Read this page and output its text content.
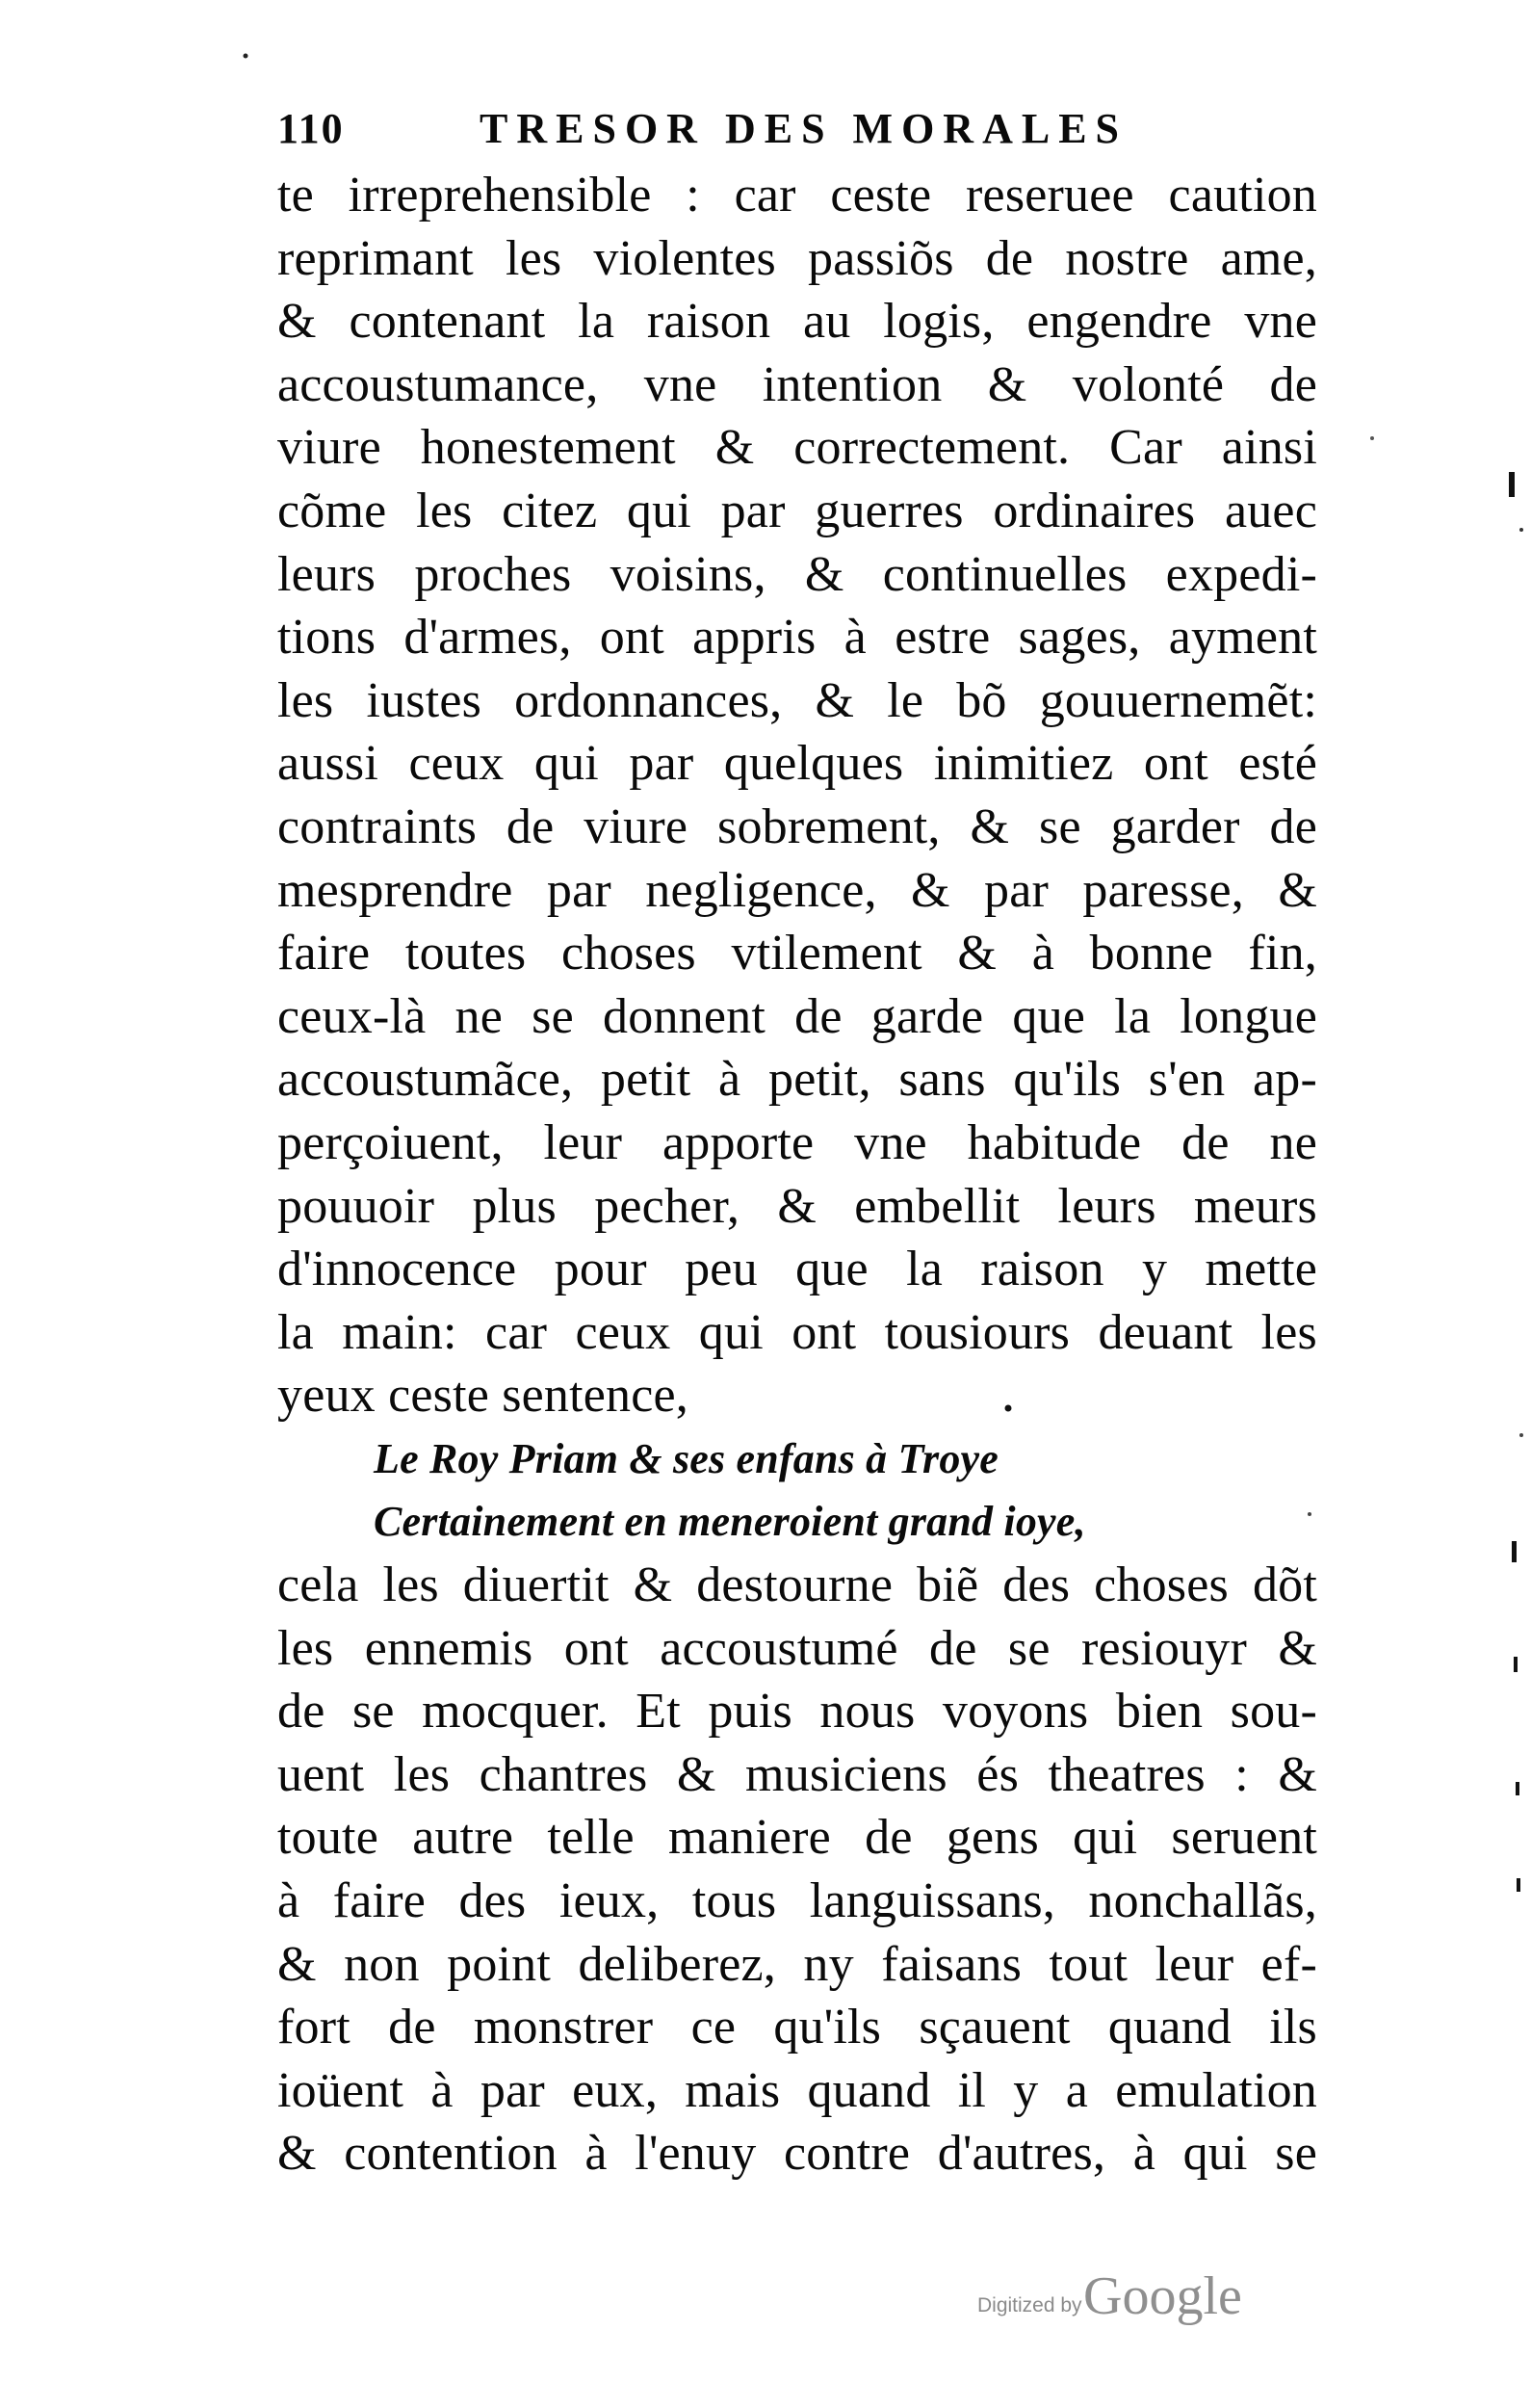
110	TRESOR DES MORALES
te irreprehensible : car ceste reseruee caution
reprimant les violentes passiõs de nostre ame,
& contenant la raison au logis, engendre vne
accoustumance, vne intention & volonté de
viure honestement & correctement. Car ainsi
cõme les citez qui par guerres ordinaires auec
leurs proches voisins, & continuelles expedi-
tions d'armes, ont appris à estre sages, ayment
les iustes ordonnances, & le bõ gouuernemẽt:
aussi ceux qui par quelques inimitiez ont esté
contraints de viure sobrement, & se garder de
mesprendre par negligence, & par paresse, &
faire toutes choses vtilement & à bonne fin,
ceux-là ne se donnent de garde que la longue
accoustumãce, petit à petit, sans qu'ils s'en ap-
perçoiuent, leur apporte vne habitude de ne
pouuoir plus pecher, & embellit leurs meurs
d'innocence pour peu que la raison y mette
la main: car ceux qui ont tousiours deuant les
yeux ceste sentence,
Le Roy Priam & ses enfans à Troye
Certainement en meneroient grand ioye,
cela les diuertit & destourne biẽ des choses dõt
les ennemis ont accoustumé de se resiouyr &
de se mocquer. Et puis nous voyons bien sou-
uent les chantres & musiciens és theatres : &
toute autre telle maniere de gens qui seruent
à faire des ieux, tous languissans, nonchallãs,
& non point deliberez, ny faisans tout leur ef-
fort de monstrer ce qu'ils sçauent quand ils
ioüent à par eux, mais quand il y a emulation
& contention à l'enuy contre d'autres, à qui se
Digitized by Google
